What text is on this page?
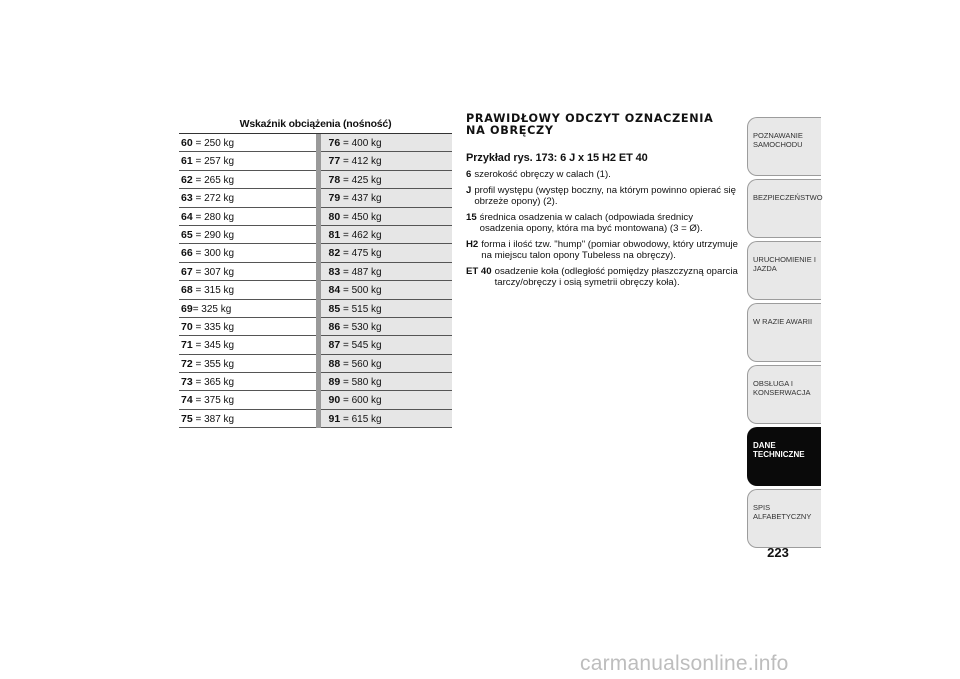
Wskaźnik obciążenia (nośność)
60 = 250 kg
61 = 257 kg
62 = 265 kg
63 = 272 kg
64 = 280 kg
65 = 290 kg
66 = 300 kg
67 = 307 kg
68 = 315 kg
69= 325 kg
70 = 335 kg
71 = 345 kg
72 = 355 kg
73 = 365 kg
74 = 375 kg
75 = 387 kg
76 = 400 kg
77 = 412 kg
78 = 425 kg
79 = 437 kg
80 = 450 kg
81 = 462 kg
82 = 475 kg
83 = 487 kg
84 = 500 kg
85 = 515 kg
86 = 530 kg
87 = 545 kg
88 = 560 kg
89 = 580 kg
90 = 600 kg
91 = 615 kg
PRAWIDŁOWY ODCZYT OZNACZENIA NA OBRĘCZY

Przykład rys. 173: 6 J x 15 H2 ET 40

6 szerokość obręczy w calach (1).
J profil występu (występ boczny, na którym powinno opierać się obrzeże opony) (2).
15 średnica osadzenia w calach (odpowiada średnicy osadzenia opony, która ma być montowana) (3 = Ø).
H2 forma i ilość tzw. "hump" (pomiar obwodowy, który utrzymuje na miejscu talon opony Tubeless na obręczy).
ET 40 osadzenie koła (odległość pomiędzy płaszczyzną oparcia tarczy/obręczy i osią symetrii obręczy koła).
POZNAWANIE SAMOCHODU
BEZPIECZEŃSTWO
URUCHOMIENIE I JAZDA
W RAZIE AWARII
OBSŁUGA I KONSERWACJA
DANE TECHNICZNE
SPIS ALFABETYCZNY
223
carmanualsonline.info
